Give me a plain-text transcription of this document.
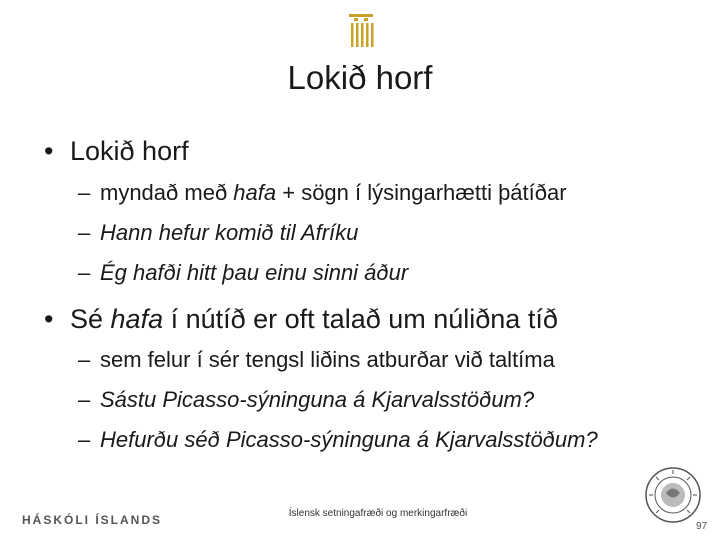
Lokið horf
• Lokið horf
– myndað með hafa + sögn í lýsingarhætti þátíðar
– Hann hefur komið til Afríku
– Ég hafði hitt þau einu sinni áður
• Sé hafa í nútíð er oft talað um núliðna tíð
– sem felur í sér tengsl liðins atburðar við taltíma
– Sástu Picasso-sýninguna á Kjarvalsstöðum?
– Hefurðu séð Picasso-sýninguna á Kjarvalsstöðum?
HÁSKÓLI ÍSLANDS	Íslensk setningafræði og merkingarfræði
97
